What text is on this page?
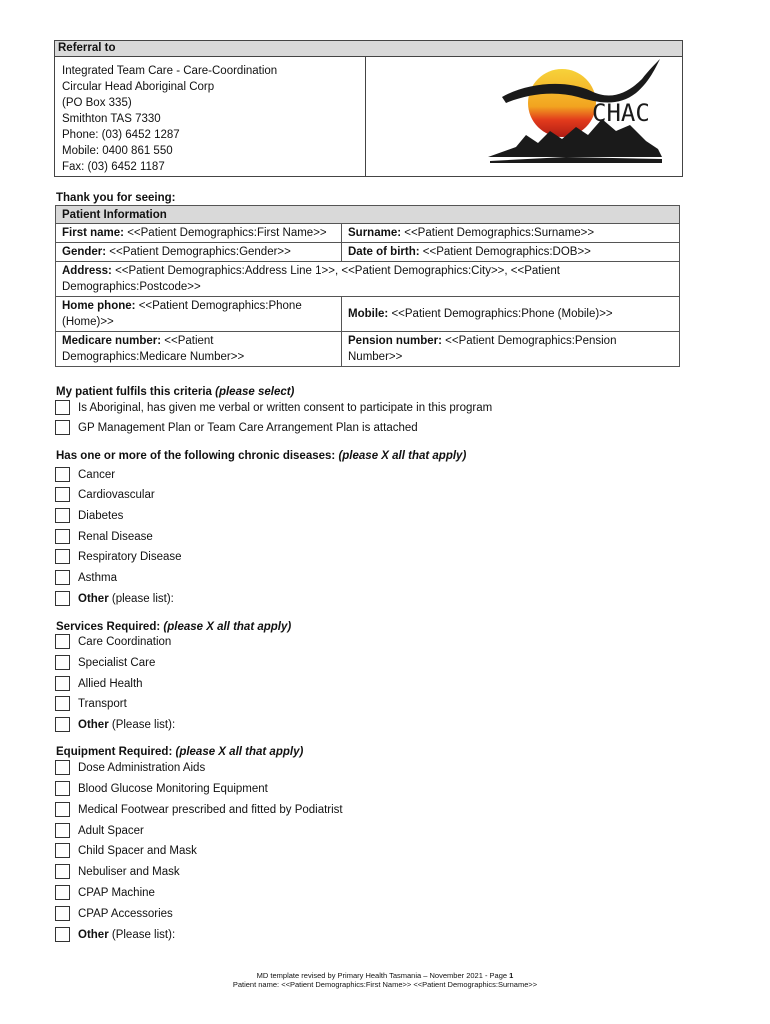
Referral to
Integrated Team Care - Care-Coordination
Circular Head Aboriginal Corp
(PO Box 335)
Smithton TAS 7330
Phone: (03) 6452 1287
Mobile: 0400 861 550
Fax: (03) 6452 1187
CHAC
Thank you for seeing:
Patient Information	
First name: <<Patient Demographics:First Name>>	Surname: <<Patient Demographics:Surname>>
Gender: <<Patient Demographics:Gender>>	Date of birth: <<Patient Demographics:DOB>>
Address: <<Patient Demographics:Address Line 1>>, <<Patient Demographics:City>>, <<Patient Demographics:Postcode>>	
Home phone: <<Patient Demographics:Phone (Home)>>	Mobile: <<Patient Demographics:Phone (Mobile)>>
Medicare number: <<Patient Demographics:Medicare Number>>	Pension number: <<Patient Demographics:Pension Number>>
My patient fulfils this criteria (please select)
Is Aboriginal, has given me verbal or written consent to participate in this program
GP Management Plan or Team Care Arrangement Plan is attached
Has one or more of the following chronic diseases: (please X all that apply)
Cancer
Cardiovascular
Diabetes
Renal Disease
Respiratory Disease
Asthma
Other (please list):
Services Required: (please X all that apply)
Care Coordination
Specialist Care
Allied Health
Transport
Other (Please list):
Equipment Required: (please X all that apply)
Dose Administration Aids
Blood Glucose Monitoring Equipment
Medical Footwear prescribed and fitted by Podiatrist
Adult Spacer
Child Spacer and Mask
Nebuliser and Mask
CPAP Machine
CPAP Accessories
Other (Please list):
MD template revised by Primary Health Tasmania – November 2021 - Page 1
Patient name: <<Patient Demographics:First Name>> <<Patient Demographics:Surname>>
